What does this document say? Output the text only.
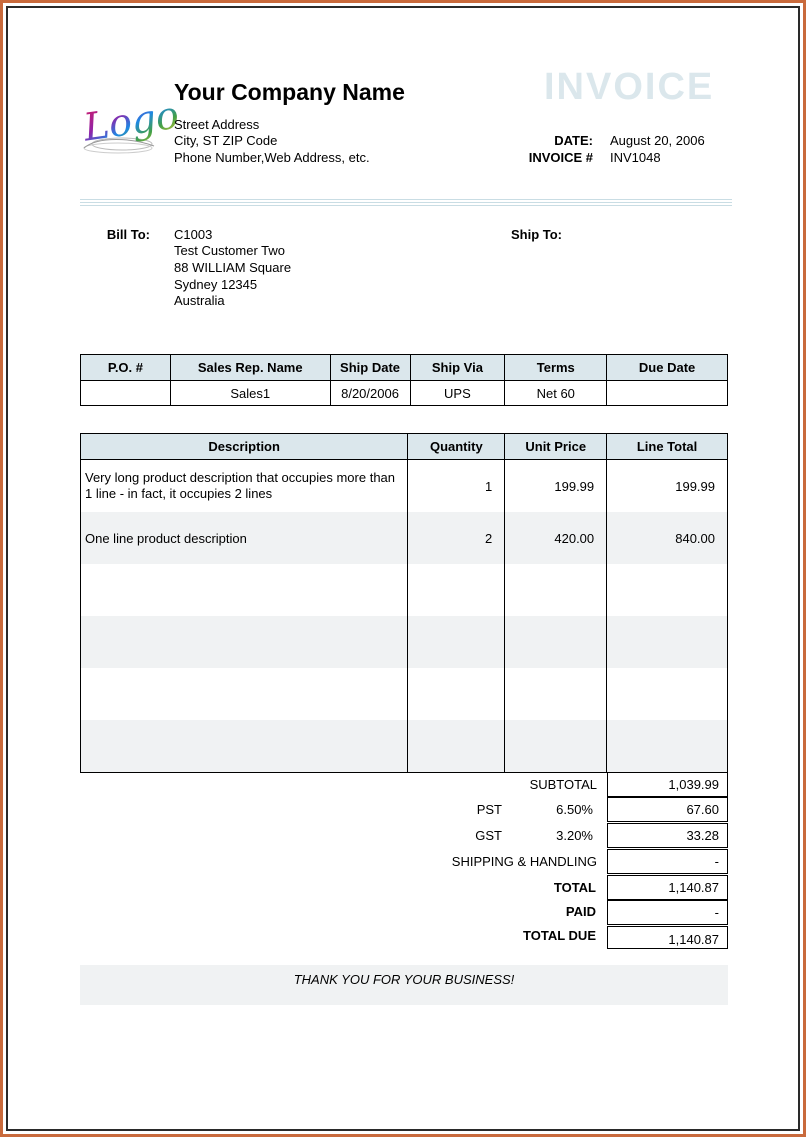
Logo
Your Company Name
Street Address
City, ST ZIP Code
Phone Number,Web Address, etc.
INVOICE
DATE: August 20, 2006
INVOICE # INV1048
Bill To: C1003
Test Customer Two
88 WILLIAM Square
Sydney 12345
Australia
Ship To:
P.O. #	Sales Rep. Name	Ship Date	Ship Via	Terms	Due Date
	Sales1	8/20/2006	UPS	Net 60	
Description	Quantity	Unit Price	Line Total
Very long product description that occupies more than 1 line - in fact, it occupies 2 lines	1	199.99	199.99
One line product description	2	420.00	840.00

SUBTOTAL	1,039.99
PST	6.50%	67.60
GST	3.20%	33.28
SHIPPING & HANDLING	-
TOTAL	1,140.87
PAID	-
TOTAL DUE	1,140.87
THANK YOU FOR YOUR BUSINESS!
